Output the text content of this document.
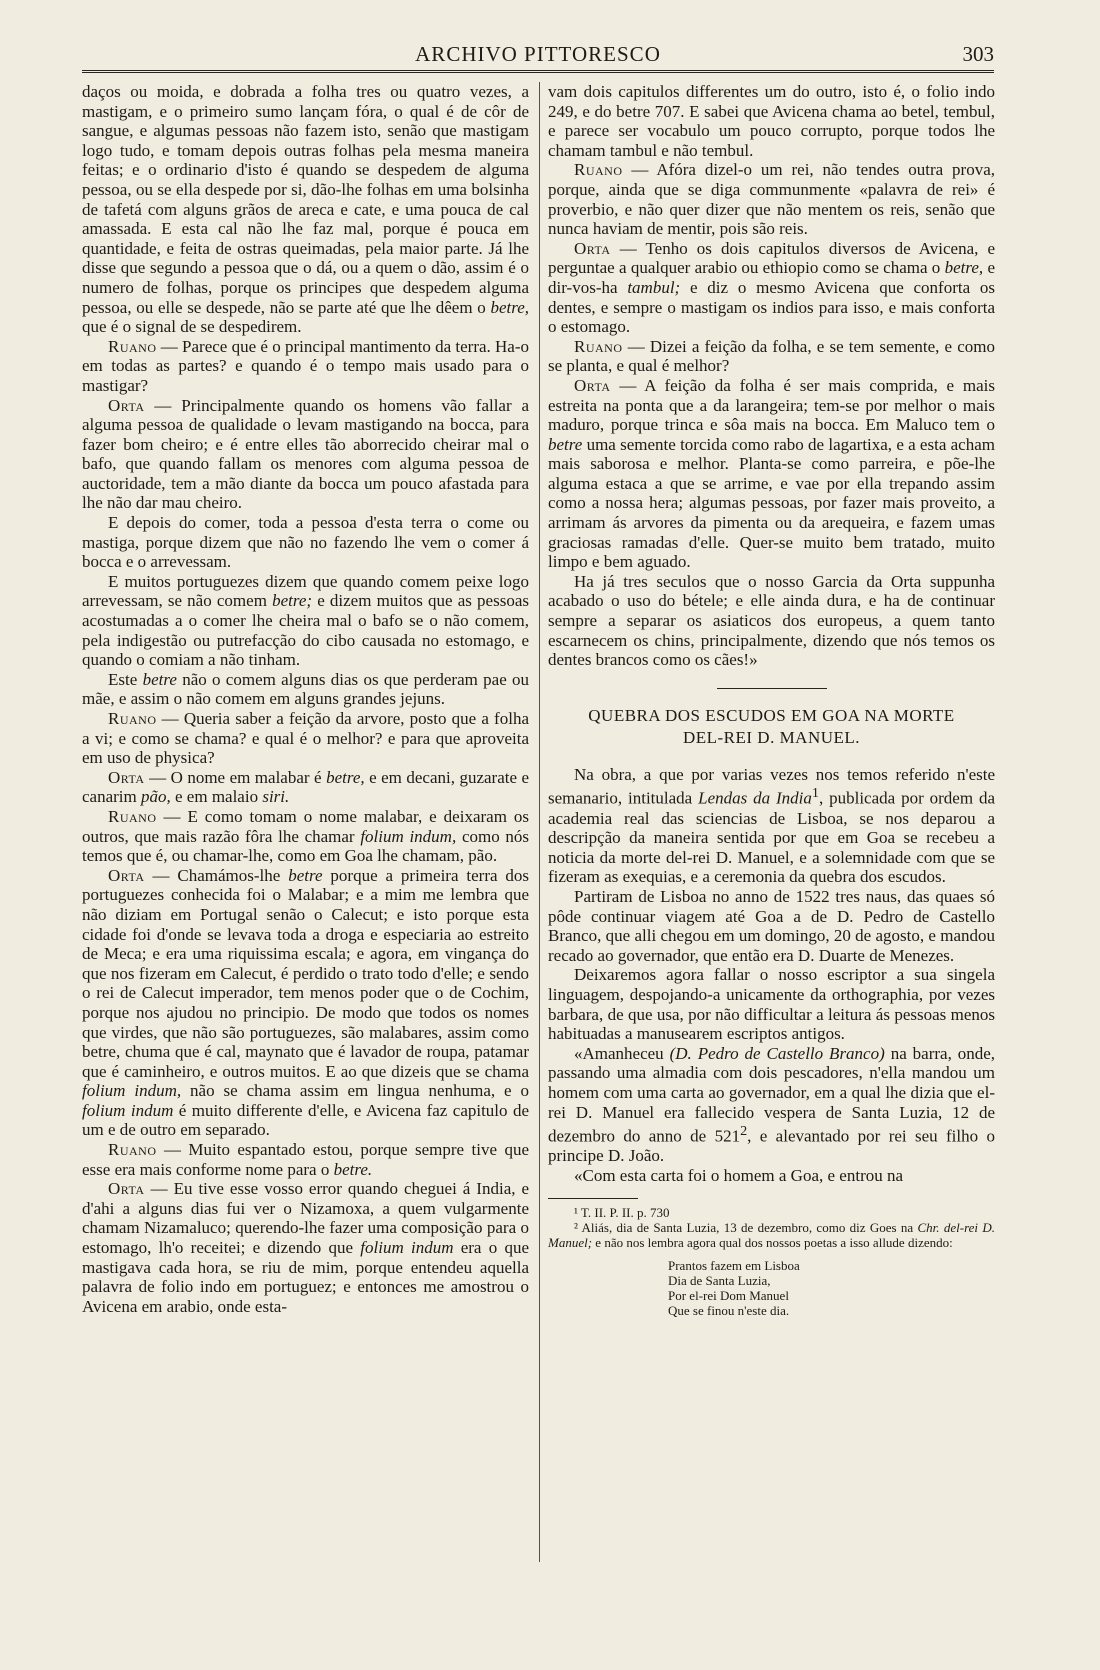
ARCHIVO PITTORESCO	303

daços ou moida, e dobrada a folha tres ou quatro vezes, a mastigam, e o primeiro sumo lançam fóra, o qual é de côr de sangue, e algumas pessoas não fazem isto, senão que mastigam logo tudo, e tomam depois outras folhas pela mesma maneira feitas; e o ordinario d'isto é quando se despedem de alguma pessoa, ou se ella despede por si, dão-lhe folhas em uma bolsinha de tafetá com alguns grãos de areca e cate, e uma pouca de cal amassada. E esta cal não lhe faz mal, porque é pouca em quantidade, e feita de ostras queimadas, pela maior parte. Já lhe disse que segundo a pessoa que o dá, ou a quem o dão, assim é o numero de folhas, porque os principes que despedem alguma pessoa, ou elle se despede, não se parte até que lhe dêem o betre, que é o signal de se despedirem.

Ruano — Parece que é o principal mantimento da terra. Ha-o em todas as partes? e quando é o tempo mais usado para o mastigar?

Orta — Principalmente quando os homens vão fallar a alguma pessoa de qualidade o levam mastigando na bocca, para fazer bom cheiro; e é entre elles tão aborrecido cheirar mal o bafo, que quando fallam os menores com alguma pessoa de auctoridade, tem a mão diante da bocca um pouco afastada para lhe não dar mau cheiro.

E depois do comer, toda a pessoa d'esta terra o come ou mastiga, porque dizem que não no fazendo lhe vem o comer á bocca e o arrevessam.

E muitos portuguezes dizem que quando comem peixe logo arrevessam, se não comem betre; e dizem muitos que as pessoas acostumadas a o comer lhe cheira mal o bafo se o não comem, pela indigestão ou putrefacção do cibo causada no estomago, e quando o comiam a não tinham.

Este betre não o comem alguns dias os que perderam pae ou mãe, e assim o não comem em alguns grandes jejuns.

Ruano — Queria saber a feição da arvore, posto que a folha a vi; e como se chama? e qual é o melhor? e para que aproveita em uso de physica?

Orta — O nome em malabar é betre, e em decani, guzarate e canarim pão, e em malaio siri.

Ruano — E como tomam o nome malabar, e deixaram os outros, que mais razão fôra lhe chamar folium indum, como nós temos que é, ou chamar-lhe, como em Goa lhe chamam, pão.

Orta — Chamámos-lhe betre porque a primeira terra dos portuguezes conhecida foi o Malabar; e a mim me lembra que não diziam em Portugal senão o Calecut; e isto porque esta cidade foi d'onde se levava toda a droga e especiaria ao estreito de Meca; e era uma riquissima escala; e agora, em vingança do que nos fizeram em Calecut, é perdido o trato todo d'elle; e sendo o rei de Calecut imperador, tem menos poder que o de Cochim, porque nos ajudou no principio. De modo que todos os nomes que virdes, que não são portuguezes, são malabares, assim como betre, chuma que é cal, maynato que é lavador de roupa, patamar que é caminheiro, e outros muitos. E ao que dizeis que se chama folium indum, não se chama assim em lingua nenhuma, e o folium indum é muito differente d'elle, e Avicena faz capitulo de um e de outro em separado.

Ruano — Muito espantado estou, porque sempre tive que esse era mais conforme nome para o betre.

Orta — Eu tive esse vosso error quando cheguei á India, e d'ahi a alguns dias fui ver o Nizamoxa, a quem vulgarmente chamam Nizamaluco; querendo-lhe fazer uma composição para o estomago, lh'o receitei; e dizendo que folium indum era o que mastigava cada hora, se riu de mim, porque entendeu aquella palavra de folio indo em portuguez; e entonces me amostrou o Avicena em arabio, onde esta-

vam dois capitulos differentes um do outro, isto é, o folio indo 249, e do betre 707. E sabei que Avicena chama ao betel, tembul, e parece ser vocabulo um pouco corrupto, porque todos lhe chamam tambul e não tembul.

Ruano — Afóra dizel-o um rei, não tendes outra prova, porque, ainda que se diga communmente «palavra de rei» é proverbio, e não quer dizer que não mentem os reis, senão que nunca haviam de mentir, pois são reis.

Orta — Tenho os dois capitulos diversos de Avicena, e perguntae a qualquer arabio ou ethiopio como se chama o betre, e dir-vos-ha tambul; e diz o mesmo Avicena que conforta os dentes, e sempre o mastigam os indios para isso, e mais conforta o estomago.

Ruano — Dizei a feição da folha, e se tem semente, e como se planta, e qual é melhor?

Orta — A feição da folha é ser mais comprida, e mais estreita na ponta que a da larangeira; tem-se por melhor o mais maduro, porque trinca e sôa mais na bocca. Em Maluco tem o betre uma semente torcida como rabo de lagartixa, e a esta acham mais saborosa e melhor. Planta-se como parreira, e põe-lhe alguma estaca a que se arrime, e vae por ella trepando assim como a nossa hera; algumas pessoas, por fazer mais proveito, a arrimam ás arvores da pimenta ou da arequeira, e fazem umas graciosas ramadas d'elle. Quer-se muito bem tratado, muito limpo e bem aguado.

Ha já tres seculos que o nosso Garcia da Orta suppunha acabado o uso do bétele; e elle ainda dura, e ha de continuar sempre a separar os asiaticos dos europeus, a quem tanto escarnecem os chins, principalmente, dizendo que nós temos os dentes brancos como os cães!»

QUEBRA DOS ESCUDOS EM GOA NA MORTE
DEL-REI D. MANUEL.

Na obra, a que por varias vezes nos temos referido n'este semanario, intitulada Lendas da India$^1$, publicada por ordem da academia real das sciencias de Lisboa, se nos deparou a descripção da maneira sentida por que em Goa se recebeu a noticia da morte del-rei D. Manuel, e a solemnidade com que se fizeram as exequias, e a ceremonia da quebra dos escudos.

Partiram de Lisboa no anno de 1522 tres naus, das quaes só pôde continuar viagem até Goa a de D. Pedro de Castello Branco, que alli chegou em um domingo, 20 de agosto, e mandou recado ao governador, que então era D. Duarte de Menezes.

Deixaremos agora fallar o nosso escriptor a sua singela linguagem, despojando-a unicamente da orthographia, por vezes barbara, de que usa, por não difficultar a leitura ás pessoas menos habituadas a manusearem escriptos antigos.

«Amanheceu (D. Pedro de Castello Branco) na barra, onde, passando uma almadia com dois pescadores, n'ella mandou um homem com uma carta ao governador, em a qual lhe dizia que el-rei D. Manuel era fallecido vespera de Santa Luzia, 12 de dezembro do anno de $521^2$, e alevantado por rei seu filho o principe D. João.

«Com esta carta foi o homem a Goa, e entrou na

¹ T. II. P. II. p. 730

² Aliás, dia de Santa Luzia, 13 de dezembro, como diz Goes na Chr. del-rei D. Manuel; e não nos lembra agora qual dos nossos poetas a isso allude dizendo:

Prantos fazem em Lisboa
Dia de Santa Luzia,
Por el-rei Dom Manuel
Que se finou n'este dia.
